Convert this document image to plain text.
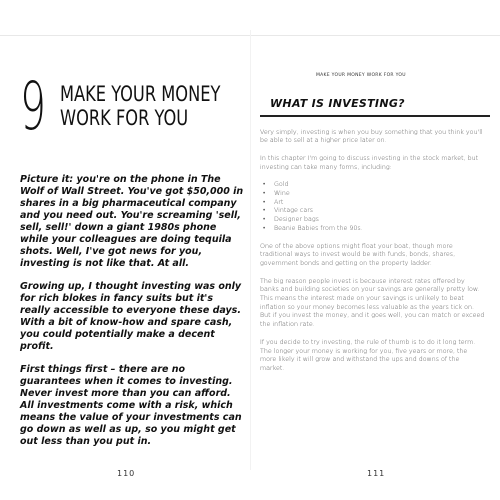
9 MAKE YOUR MONEY
WORK FOR YOU

Picture it: you're on the phone in The Wolf of Wall Street. You've got $50,000 in shares in a big pharmaceutical company and you need out. You're screaming 'sell, sell, sell!' down a giant 1980s phone while your colleagues are doing tequila shots. Well, I've got news for you, investing is not like that. At all.

Growing up, I thought investing was only for rich blokes in fancy suits but it's really accessible to everyone these days. With a bit of know-how and spare cash, you could potentially make a decent profit.

First things first – there are no guarantees when it comes to investing. Never invest more than you can afford. All investments come with a risk, which means the value of your investments can go down as well as up, so you might get out less than you put in.

110
MAKE YOUR MONEY WORK FOR YOU
WHAT IS INVESTING?

Very simply, investing is when you buy something that you think you'll be able to sell at a higher price later on.

In this chapter I'm going to discuss investing in the stock market, but investing can take many forms, including:

• Gold
• Wine
• Art
• Vintage cars
• Designer bags
• Beanie Babies from the 90s.

One of the above options might float your boat, though more traditional ways to invest would be with funds, bonds, shares, government bonds and getting on the property ladder.

The big reason people invest is because interest rates offered by banks and building societies on your savings are generally pretty low. This means the interest made on your savings is unlikely to beat inflation so your money becomes less valuable as the years tick on. But if you invest the money, and it goes well, you can match or exceed the inflation rate.

If you decide to try investing, the rule of thumb is to do it long term. The longer your money is working for you, five years or more, the more likely it will grow and withstand the ups and downs of the market.

111
